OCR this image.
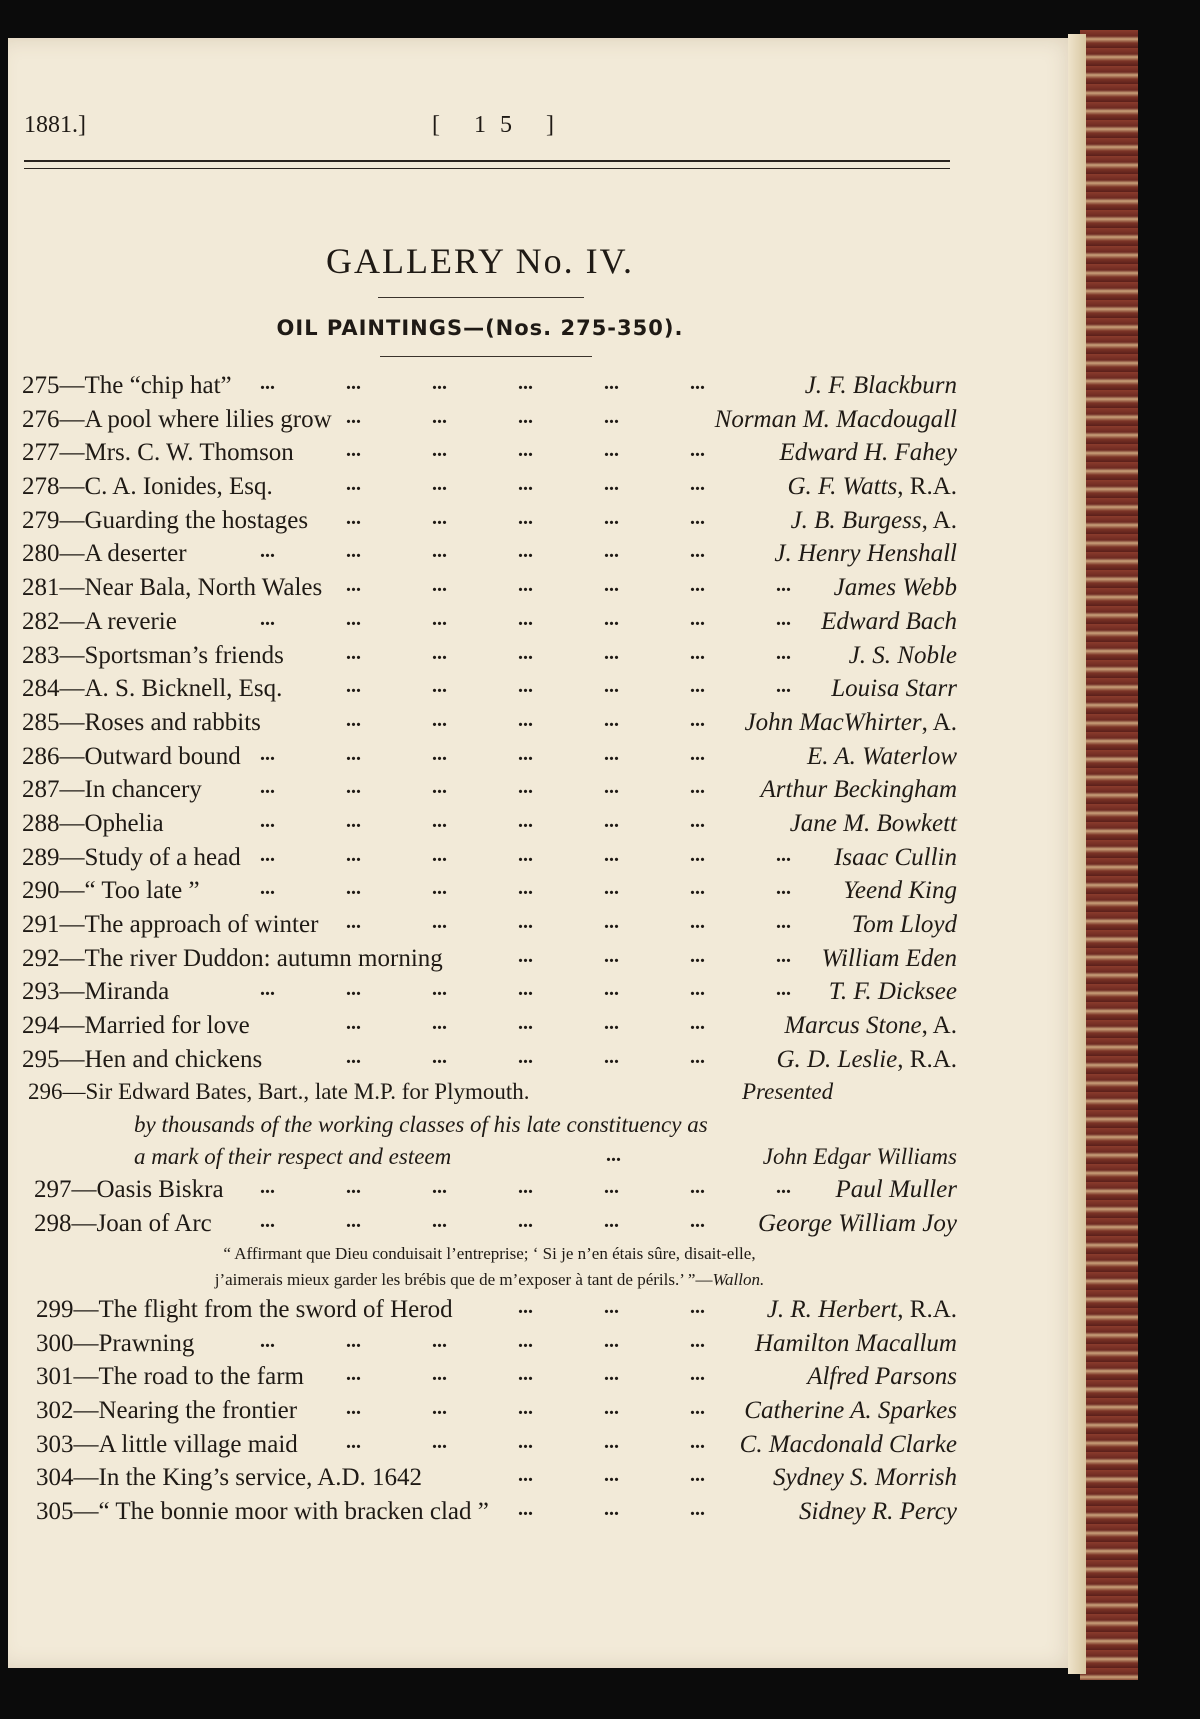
1881.]	[ 15 ]
GALLERY No. IV.
OIL PAINTINGS—(Nos. 275-350).
275—The “chip hat” ...	...	...	...	...	...	J. F. Blackburn
276—A pool where lilies grow ...	...	...	...	Norman M. Macdougall
277—Mrs. C. W. Thomson	...	...	...	...	...	Edward H. Fahey
278—C. A. Ionides, Esq.	...	...	...	...	...	G. F. Watts, R.A.
279—Guarding the hostages ...	...	...	...	...	J. B. Burgess, A.
280—A deserter	...	...	...	...	...	...	J. Henry Henshall
281—Near Bala, North Wales ...	...	...	...	...	... James Webb
282—A reverie	...	...	...	...	...	...	... Edward Bach
283—Sportsman’s friends	...	...	...	...	...	... J. S. Noble
284—A. S. Bicknell, Esq.	...	...	...	...	...	... Louisa Starr
285—Roses and rabbits	...	...	...	...	... John MacWhirter, A.
286—Outward bound ...	...	...	...	...	...	E. A. Waterlow
287—In chancery	...	...	...	...	...	... Arthur Beckingham
288—Ophelia	...	...	...	...	...	...	Jane M. Bowkett
289—Study of a head ...	...	...	...	...	...	... Isaac Cullin
290—“ Too late ”	...	...	...	...	...	...	... Yeend King
291—The approach of winter ...	...	...	...	...	... Tom Lloyd
292—The river Duddon: autumn morning	...	...	...	... William Eden
293—Miranda	...	...	...	...	...	...	... T. F. Dicksee
294—Married for love	...	...	...	...	...	Marcus Stone, A.
295—Hen and chickens	...	...	...	...	...	G. D. Leslie, R.A.
296—Sir Edward Bates, Bart., late M.P. for Plymouth.	Presented
by thousands of the working classes of his late constituency as
a mark of their respect and esteem	...	John Edgar Williams
297—Oasis Biskra ...	...	...	...	...	...	... Paul Muller
298—Joan of Arc ...	...	...	...	...	... George William Joy
“ Affirmant que Dieu conduisait l’entreprise; ‘ Si je n’en étais sûre, disait-elle,
j’aimerais mieux garder les brébis que de m’exposer à tant de périls.’ ”—Wallon.
299—The flight from the sword of Herod	...	...	... J. R. Herbert, R.A.
300—Prawning	...	...	...	...	...	... Hamilton Macallum
301—The road to the farm ...	...	...	...	...	Alfred Parsons
302—Nearing the frontier ...	...	...	...	... Catherine A. Sparkes
303—A little village maid ...	...	...	...	... C. Macdonald Clarke
304—In the King’s service, A.D. 1642	...	...	...	Sydney S. Morrish
305—“ The bonnie moor with bracken clad ” ...	...	...	Sidney R. Percy
